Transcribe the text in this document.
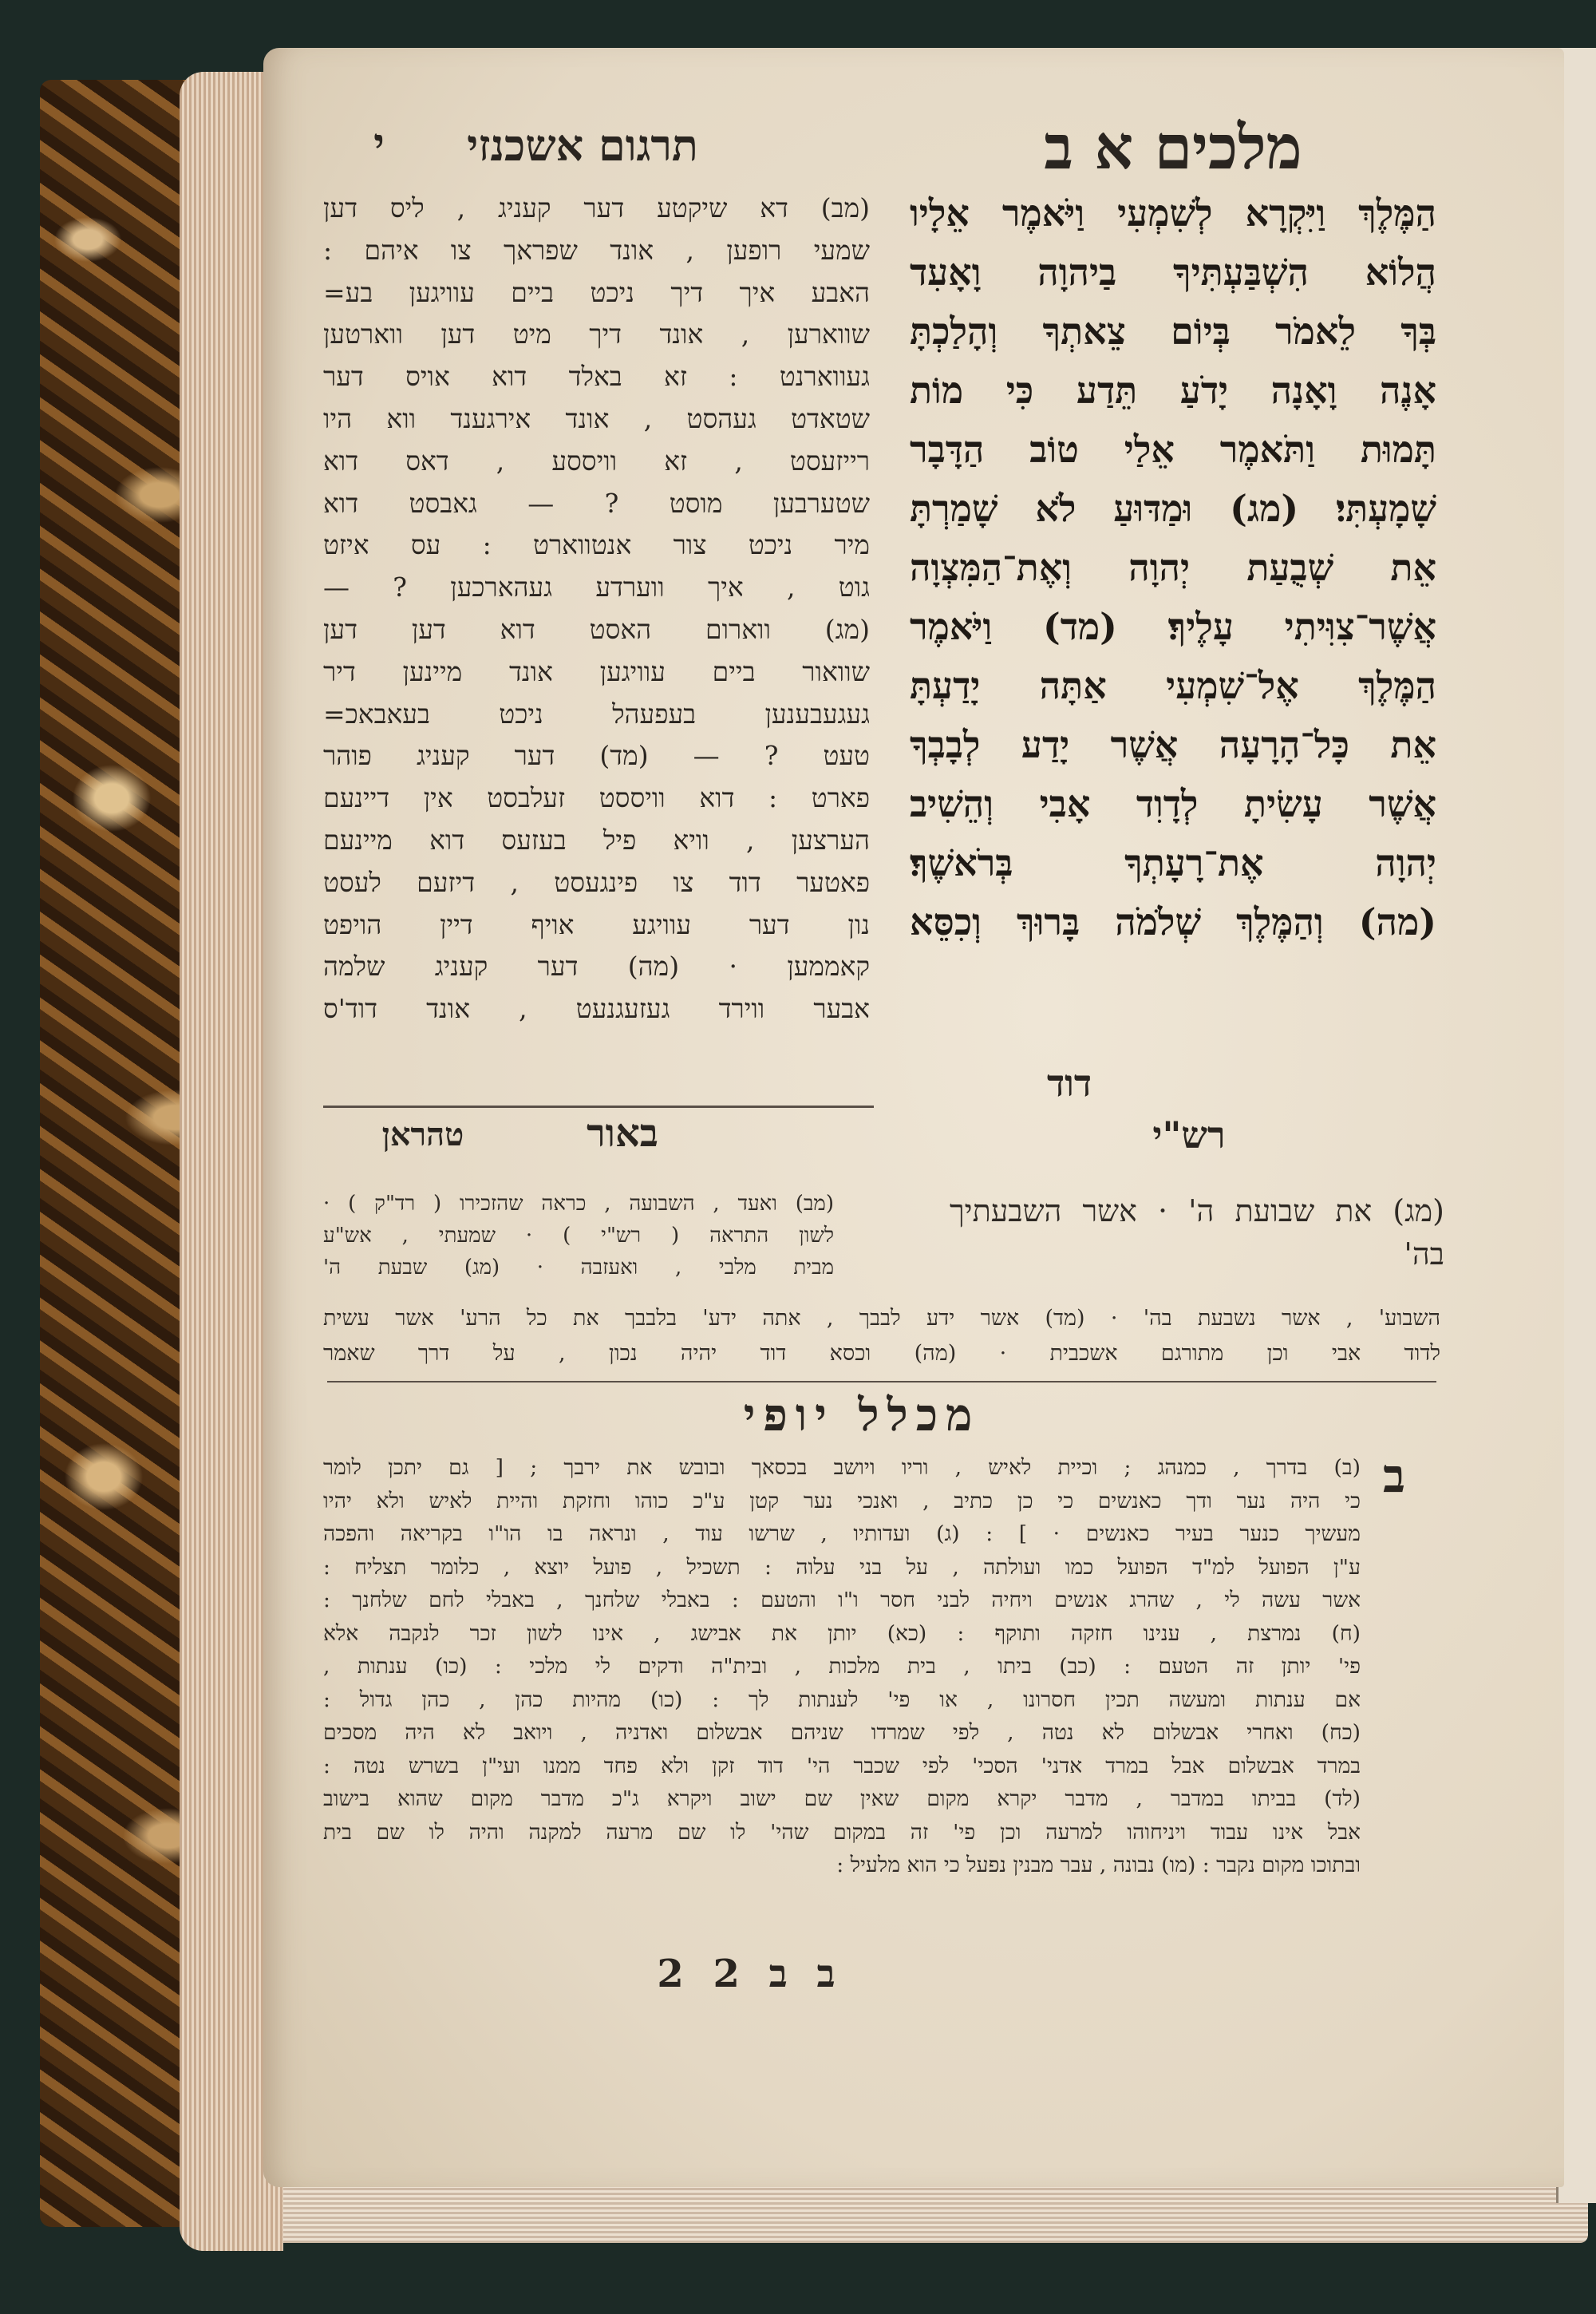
מלכים א ב
תרגום אשכנזי
י
הַמֶּלֶךְ וַיִּקְרָא לְשִׁמְעִי וַיֹּאמֶר אֵלָיו
הֲלוֹא הִשְׁבַּעְתִּיךָ בַיהוָה וָאָעִד
בְּךָ לֵאמֹר בְּיוֹם צֵאתְךָ וְהָלַכְתָּ
אָנֶה וָאָנָה יָדֹעַ תֵּדַע כִּי מוֹת
תָּמוּת וַתֹּאמֶר אֵלַי טוֹב הַדָּבָר
שָׁמָעְתִּי׃ (מג) וּמַדּוּעַ לֹא שָׁמַרְתָּ
אֵת שְׁבֻעַת יְהוָה וְאֶת־הַמִּצְוָה
אֲשֶׁר־צִוִּיתִי עָלֶיךָ׃ (מד) וַיֹּאמֶר
הַמֶּלֶךְ אֶל־שִׁמְעִי אַתָּה יָדַעְתָּ
אֵת כָּל־הָרָעָה אֲשֶׁר יָדַע לְבָבְךָ
אֲשֶׁר עָשִׂיתָ לְדָוִד אָבִי וְהֵשִׁיב
יְהוָה אֶת־רָעָתְךָ בְּרֹאשֶׁךָ׃
(מה) וְהַמֶּלֶךְ שְׁלֹמֹה בָּרוּךְ וְכִסֵּא
(מב) דא שיקטע דער קעניג , ליס דען
שמעי רופען , אונד שפראך צו איהם :
האבע איך דיך ניכט ביים עוויגען בע=
שווארען , אונד דיך מיט דען ווארטען
געווארנט : זא באלד דוא אויס דער
שטאדט געהסט , אונד אירגענד ווא היו
רייזעסט , זא וויססע , דאס דוא
שטערבען מוסט ? — גאבסט דוא
מיר ניכט צור אנטווארט : עס איזט
גוט , איך ווערדע געהארכען ? —
(מג) ווארום האסט דוא דען דען
שוואור ביים עוויגען אונד מיינען דיר
געגעבענען בעפעהל ניכט בעאבאכ=
טעט ? — (מד) דער קעניג פוהר
פארט : דוא וויססט זעלבסט אין דיינעם
הערצען , וויא פיל בעזעס דוא מיינעם
פאטער דוד צו פינגעסט , דיזעם לעסט
נון דער עוויגע אויף דיין הויפט
קאממען · (מה) דער קעניג שלמה
אבער ווירד געזעגנעט , אונד דוד'ס
דוד
טהראן	באור	רש"י
(מב) ואעד , השבועה , כראה שהזכירו ( רד"ק ) ·
לשון התראה ( רש"י ) · שמעתי , אש"ע
מבית מלבי , ואעזבה · (מג) שבעת ה'
(מג) את שבועת ה' · אשר השבעתיך
בה'
השבוע' , אשר נשבעת בה' · (מד) אשר ידע לבבך , אתה ידע' בלבבך את כל הרע' אשר עשית
לדוד אבי וכן מתורגם אשכבית · (מה) וכסא דוד יהיה נכון , על דרך שאמר
מכלל יופי
ב
(ב) בדרך , כמנהג ; וכיית לאיש , וריו ויושב בכסאך ובובש את ירבך ; [ גם יתכן לומר
כי היה נער ודך כאנשים כי כן כתיב , ואנכי נער קטן ע"כ כוהו וחזקת והיית לאיש ולא יהיו
מעשיך כנער בעיר כאנשים · ] : (ג) ועדותיו , שרשו עוד , ונראה בו הו"ו בקריאה והפכה
ע"ן הפועל למ"ד הפועל כמו ועולתה , על בני עלוה : תשכיל , פועל יוצא , כלומר תצליח :
אשר עשה לי , שהרג אנשים ויחיה לבני חסר ו"ו והטעם : באבלי שלחנך , באבלי לחם שלחנך :
(ח) נמרצת , ענינו חזקה ותוקף : (כא) יותן את אבישג , אינו לשון זכר לנקבה אלא
פי' יותן זה הטעם : (כב) ביתו , בית מלכות , ובית"ה ודקים לי מלכי : (כו) ענתות ,
אם ענתות ומעשה תכין חסרונו , או פי' לענתות לך : (כו) מהיות כהן , כהן גדול :
(כח) ואחרי אבשלום לא נטה , לפי שמרדו שניהם אבשלום ואדניה , ויואב לא היה מסכים
במרד אבשלום אבל במרד אדני' הסכי' לפי שכבר הי' דוד זקן ולא פחד ממנו ועי"ן בשרש נטה :
(לד) בביתו במדבר , מדבר יקרא מקום שאין שם ישוב ויקרא ג"כ מדבר מקום שהוא בישוב
אבל אינו עבוד ויניחוהו למרעה וכן פי' זה במקום שהי' לו שם מרעה למקנה והיה לו שם בית
ובתוכו מקום נקבר : (מו) נבונה , עבר מבנין נפעל כי הוא מלעיל :
ב ב 2 2
